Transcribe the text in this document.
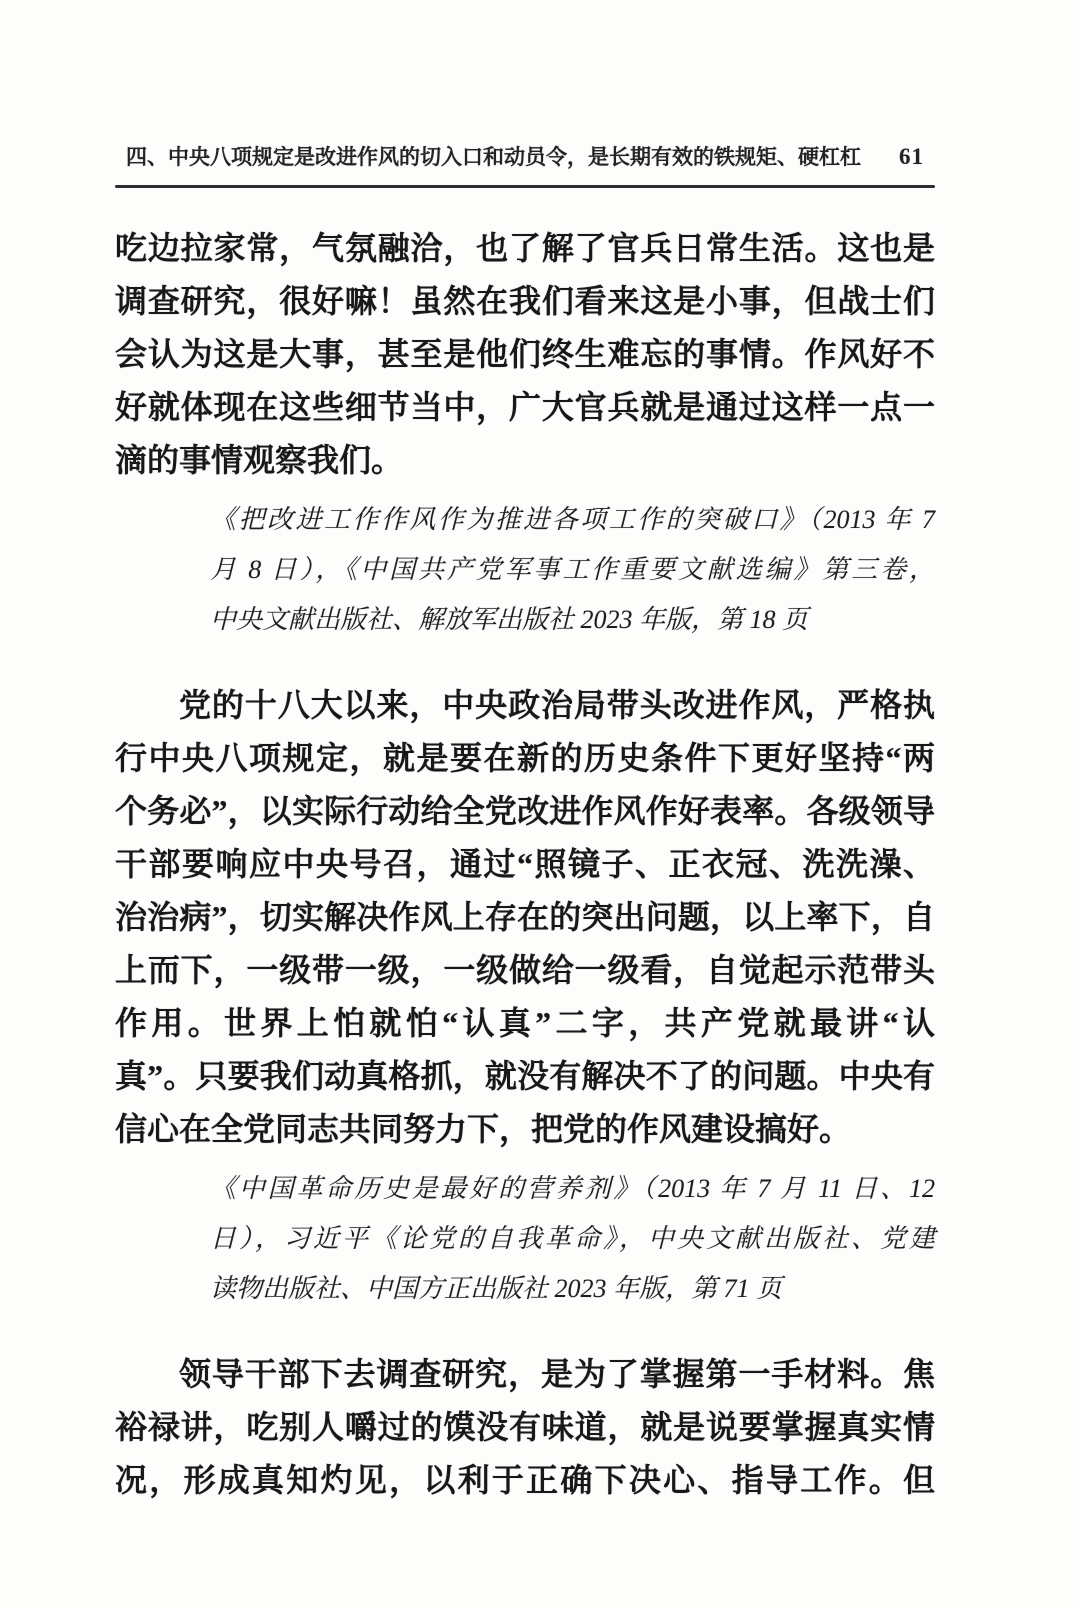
四、中央八项规定是改进作风的切入口和动员令，是长期有效的铁规矩、硬杠杠 61
吃边拉家常，气氛融洽，也了解了官兵日常生活。这也是
调查研究，很好嘛！虽然在我们看来这是小事，但战士们
会认为这是大事，甚至是他们终生难忘的事情。作风好不
好就体现在这些细节当中，广大官兵就是通过这样一点一
滴的事情观察我们。
《把改进工作作风作为推进各项工作的突破口》（2013 年 7
月 8 日），《中国共产党军事工作重要文献选编》第三卷，
中央文献出版社、解放军出版社 2023 年版，第 18 页
党的十八大以来，中央政治局带头改进作风，严格执
行中央八项规定，就是要在新的历史条件下更好坚持“两
个务必”，以实际行动给全党改进作风作好表率。各级领导
干部要响应中央号召，通过“照镜子、正衣冠、洗洗澡、
治治病”，切实解决作风上存在的突出问题，以上率下，自
上而下，一级带一级，一级做给一级看，自觉起示范带头
作用。世界上怕就怕“认真”二字，共产党就最讲“认
真”。只要我们动真格抓，就没有解决不了的问题。中央有
信心在全党同志共同努力下，把党的作风建设搞好。
《中国革命历史是最好的营养剂》（2013 年 7 月 11 日、12
日），习近平《论党的自我革命》，中央文献出版社、党建
读物出版社、中国方正出版社 2023 年版，第 71 页
领导干部下去调查研究，是为了掌握第一手材料。焦
裕禄讲，吃别人嚼过的馍没有味道，就是说要掌握真实情
况，形成真知灼见，以利于正确下决心、指导工作。但
